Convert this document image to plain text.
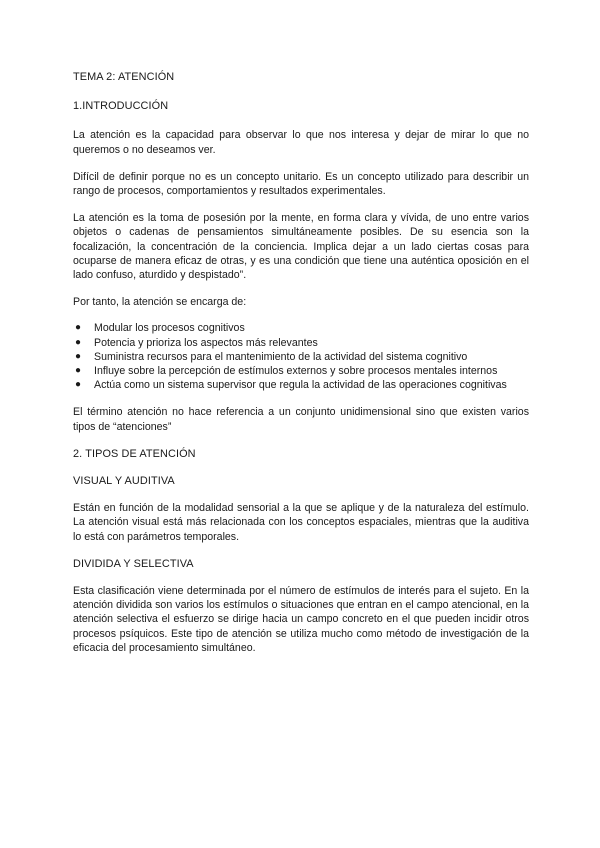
TEMA 2: ATENCIÓN

1.INTRODUCCIÓN

La atención es la capacidad para observar lo que nos interesa y dejar de mirar lo que no queremos o no deseamos ver.

Difícil de definir porque no es un concepto unitario. Es un concepto utilizado para describir un rango de procesos, comportamientos y resultados experimentales.

La atención es la toma de posesión por la mente, en forma clara y vívida, de uno entre varios objetos o cadenas de pensamientos simultáneamente posibles. De su esencia son la focalización, la concentración de la conciencia. Implica dejar a un lado ciertas cosas para ocuparse de manera eficaz de otras, y es una condición que tiene una auténtica oposición en el lado confuso, aturdido y despistado”.

Por tanto, la atención se encarga de:

● Modular los procesos cognitivos
● Potencia y prioriza los aspectos más relevantes
● Suministra recursos para el mantenimiento de la actividad del sistema cognitivo
● Influye sobre la percepción de estímulos externos y sobre procesos mentales internos
● Actúa como un sistema supervisor que regula la actividad de las operaciones cognitivas

El término atención no hace referencia a un conjunto unidimensional sino que existen varios tipos de “atenciones”

2. TIPOS DE ATENCIÓN

VISUAL Y AUDITIVA

Están en función de la modalidad sensorial a la que se aplique y de la naturaleza del estímulo. La atención visual está más relacionada con los conceptos espaciales, mientras que la auditiva lo está con parámetros temporales.

DIVIDIDA Y SELECTIVA

Esta clasificación viene determinada por el número de estímulos de interés para el sujeto. En la atención dividida son varios los estímulos o situaciones que entran en el campo atencional, en la atención selectiva el esfuerzo se dirige hacia un campo concreto en el que pueden incidir otros procesos psíquicos. Este tipo de atención se utiliza mucho como método de investigación de la eficacia del procesamiento simultáneo.
